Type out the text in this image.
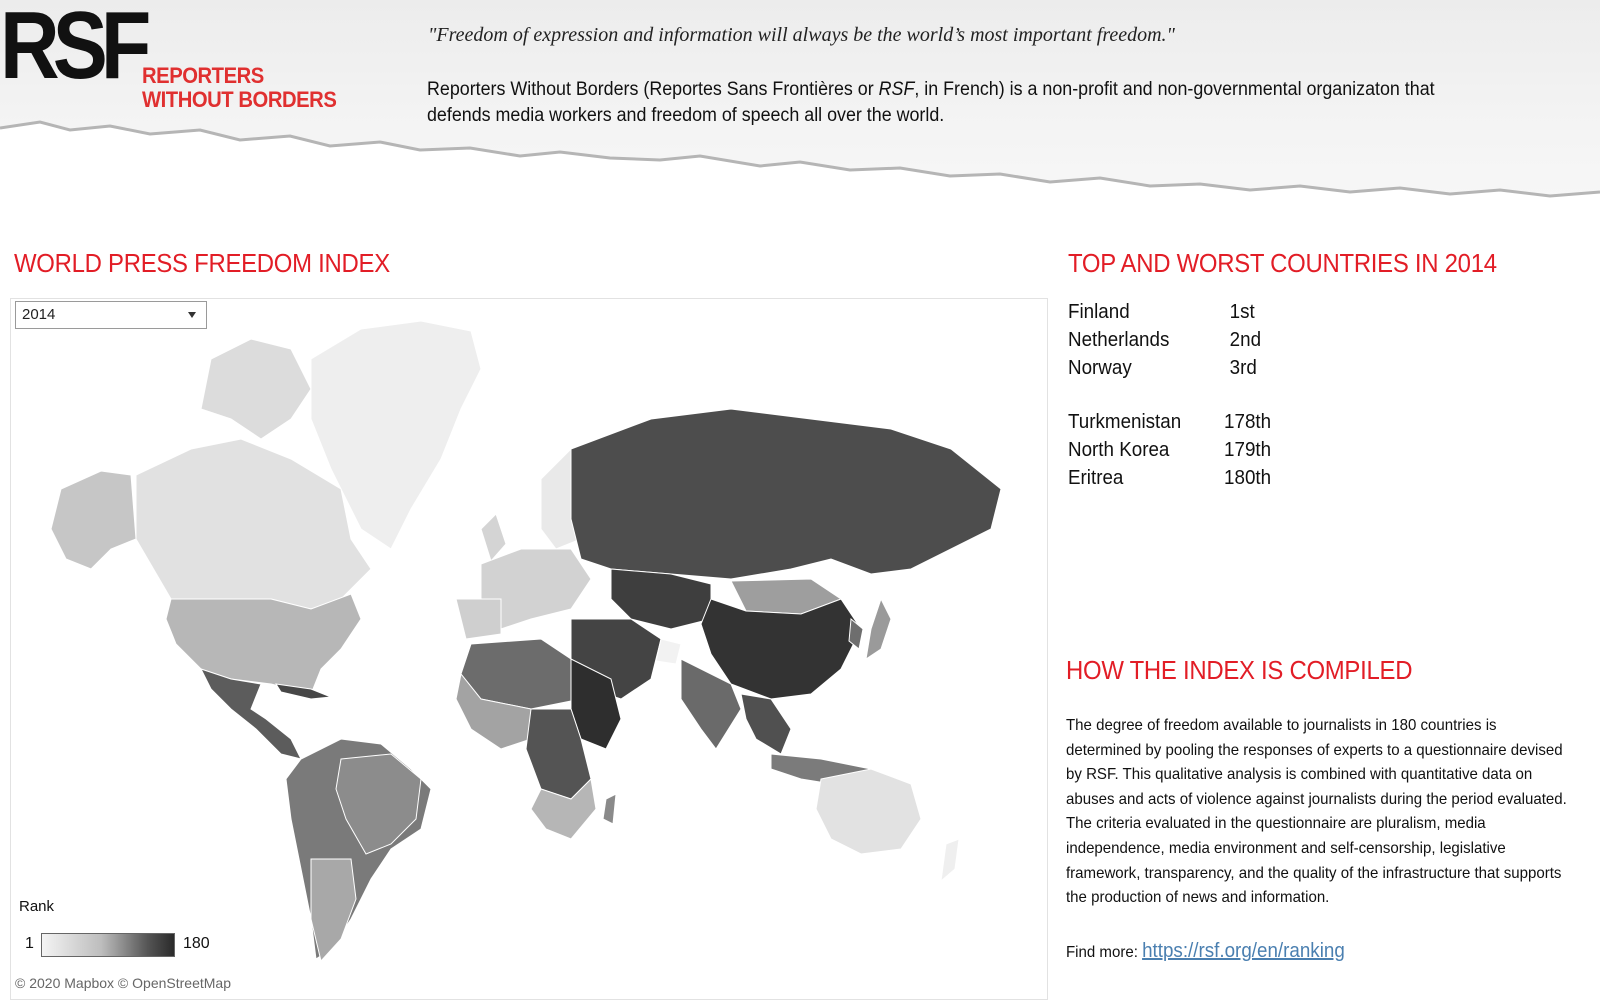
RSF
REPORTERS
WITHOUT BORDERS
"Freedom of expression and information will always be the world’s most important freedom."
Reporters Without Borders (Reportes Sans Frontières or RSF, in French) is a non-profit and non-governmental organizaton that defends media workers and freedom of speech all over the world.
WORLD PRESS FREEDOM INDEX
2014
Rank
1	180
© 2020 Mapbox © OpenStreetMap
TOP AND WORST COUNTRIES IN 2014
Finland	1st
Netherlands	2nd
Norway	3rd
Turkmenistan 178th
North Korea	179th
Eritrea	180th
HOW THE INDEX IS COMPILED
The degree of freedom available to journalists in 180 countries is determined by pooling the responses of experts to a questionnaire devised by RSF. This qualitative analysis is combined with quantitative data on abuses and acts of violence against journalists during the period evaluated. The criteria evaluated in the questionnaire are pluralism, media independence, media environment and self-censorship, legislative framework, transparency, and the quality of the infrastructure that supports the production of news and information.
Find more: https://rsf.org/en/ranking
